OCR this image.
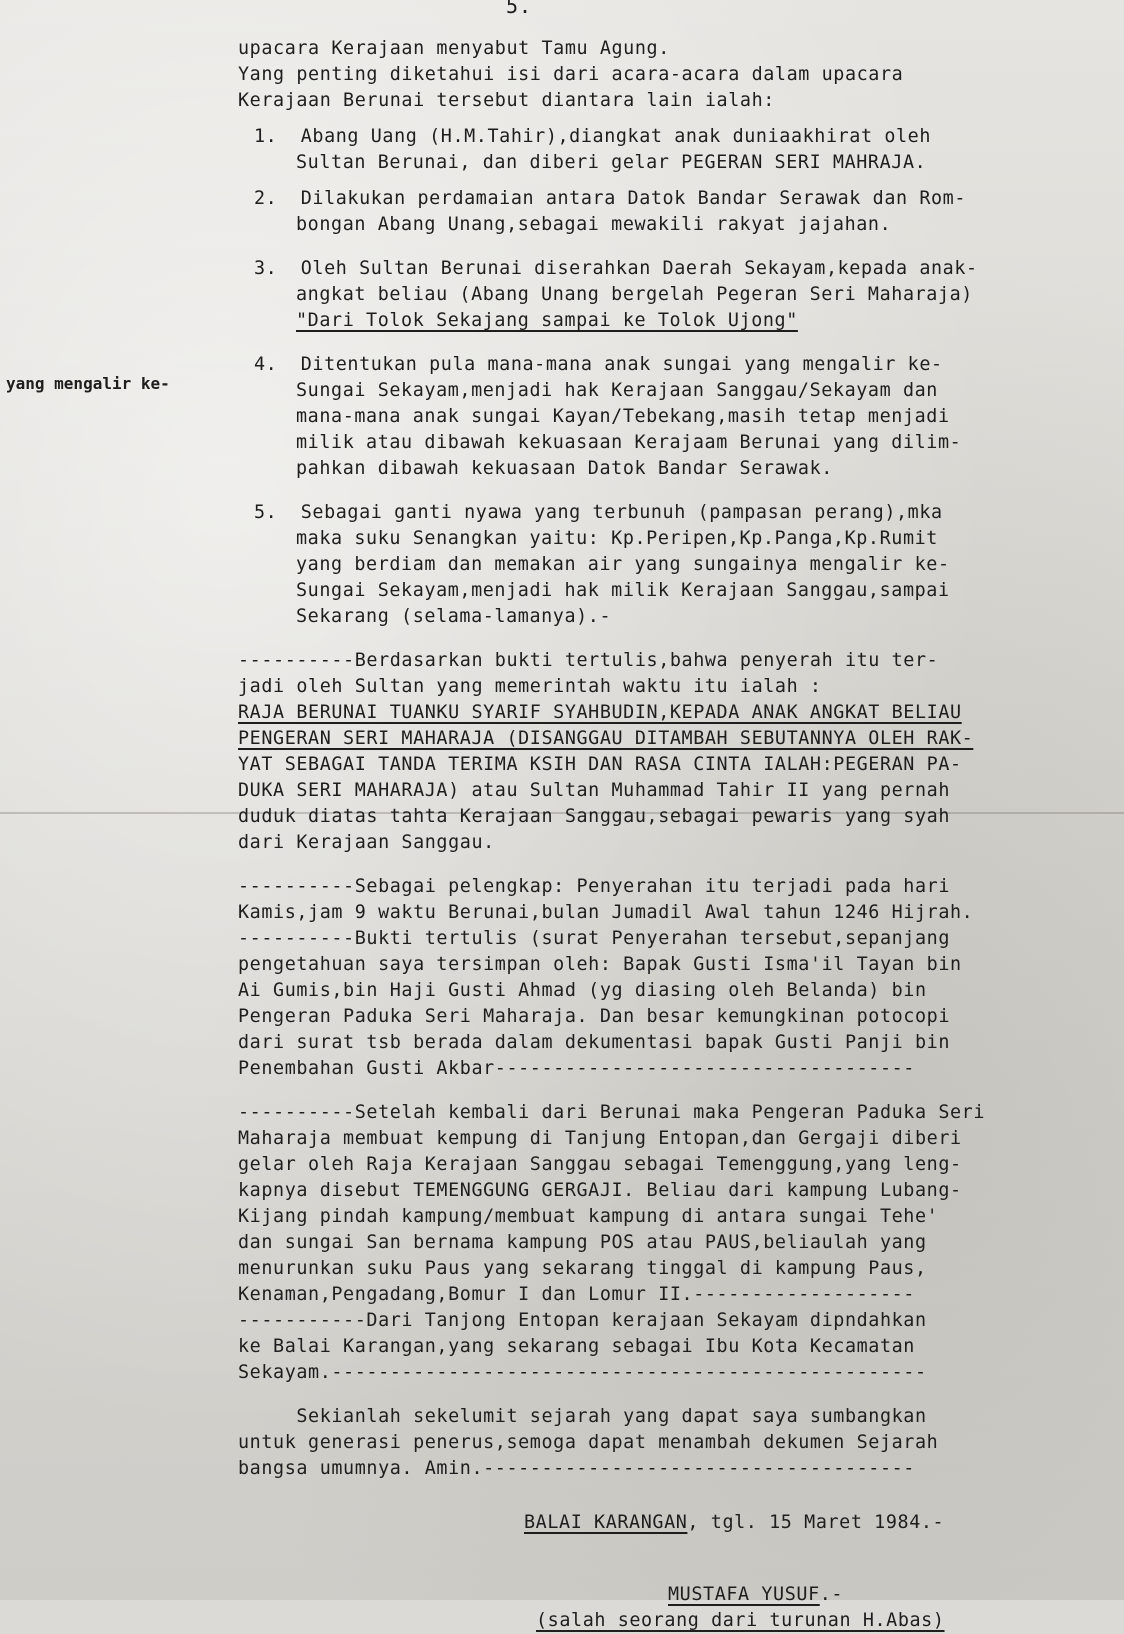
5.
yang mengalir ke-
upacara Kerajaan menyabut Tamu Agung.
Yang penting diketahui isi dari acara-acara dalam upacara
Kerajaan Berunai tersebut diantara lain ialah:
1. Abang Uang (H.M.Tahir),diangkat anak duniaakhirat oleh
Sultan Berunai, dan diberi gelar PEGERAN SERI MAHRAJA.
2. Dilakukan perdamaian antara Datok Bandar Serawak dan Rom-
bongan Abang Unang,sebagai mewakili rakyat jajahan.
3. Oleh Sultan Berunai diserahkan Daerah Sekayam,kepada anak-
angkat beliau (Abang Unang bergelah Pegeran Seri Maharaja)
"Dari Tolok Sekajang sampai ke Tolok Ujong"
4. Ditentukan pula mana-mana anak sungai yang mengalir ke-
Sungai Sekayam,menjadi hak Kerajaan Sanggau/Sekayam dan
mana-mana anak sungai Kayan/Tebekang,masih tetap menjadi
milik atau dibawah kekuasaan Kerajaam Berunai yang dilim-
pahkan dibawah kekuasaan Datok Bandar Serawak.
5. Sebagai ganti nyawa yang terbunuh (pampasan perang),mka
maka suku Senangkan yaitu: Kp.Peripen,Kp.Panga,Kp.Rumit
yang berdiam dan memakan air yang sungainya mengalir ke-
Sungai Sekayam,menjadi hak milik Kerajaan Sanggau,sampai
Sekarang (selama-lamanya).-
----------Berdasarkan bukti tertulis,bahwa penyerah itu ter-
jadi oleh Sultan yang memerintah waktu itu ialah :
RAJA BERUNAI TUANKU SYARIF SYAHBUDIN,KEPADA ANAK ANGKAT BELIAU
PENGERAN SERI MAHARAJA (DISANGGAU DITAMBAH SEBUTANNYA OLEH RAK-
YAT SEBAGAI TANDA TERIMA KSIH DAN RASA CINTA IALAH:PEGERAN PA-
DUKA SERI MAHARAJA) atau Sultan Muhammad Tahir II yang pernah
duduk diatas tahta Kerajaan Sanggau,sebagai pewaris yang syah
dari Kerajaan Sanggau.
----------Sebagai pelengkap: Penyerahan itu terjadi pada hari
Kamis,jam 9 waktu Berunai,bulan Jumadil Awal tahun 1246 Hijrah.
----------Bukti tertulis (surat Penyerahan tersebut,sepanjang
pengetahuan saya tersimpan oleh: Bapak Gusti Isma'il Tayan bin
Ai Gumis,bin Haji Gusti Ahmad (yg diasing oleh Belanda) bin
Pengeran Paduka Seri Maharaja. Dan besar kemungkinan potocopi
dari surat tsb berada dalam dekumentasi bapak Gusti Panji bin
Penembahan Gusti Akbar------------------------------------
----------Setelah kembali dari Berunai maka Pengeran Paduka Seri
Maharaja membuat kempung di Tanjung Entopan,dan Gergaji diberi
gelar oleh Raja Kerajaan Sanggau sebagai Temenggung,yang leng-
kapnya disebut TEMENGGUNG GERGAJI. Beliau dari kampung Lubang-
Kijang pindah kampung/membuat kampung di antara sungai Tehe'
dan sungai San bernama kampung POS atau PAUS,beliaulah yang
menurunkan suku Paus yang sekarang tinggal di kampung Paus,
Kenaman,Pengadang,Bomur I dan Lomur II.-------------------
-----------Dari Tanjong Entopan kerajaan Sekayam dipndahkan
ke Balai Karangan,yang sekarang sebagai Ibu Kota Kecamatan
Sekayam.---------------------------------------------------
Sekianlah sekelumit sejarah yang dapat saya sumbangkan
untuk generasi penerus,semoga dapat menambah dekumen Sejarah
bangsa umumnya. Amin.-------------------------------------
BALAI KARANGAN, tgl. 15 Maret 1984.-
MUSTAFA YUSUF.-
(salah seorang dari turunan H.Abas)
